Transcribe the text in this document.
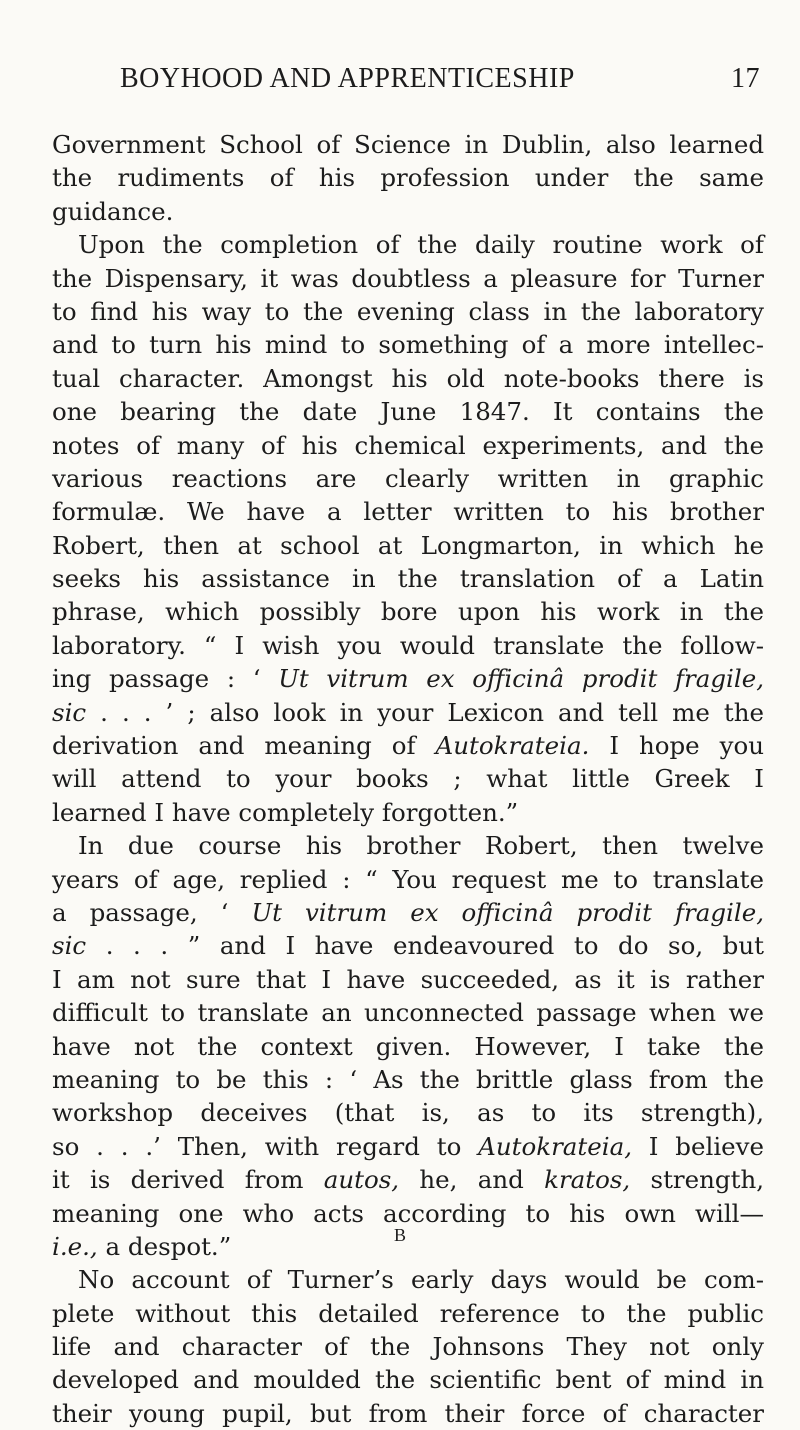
BOYHOOD AND APPRENTICESHIP	17
Government School of Science in Dublin, also learned
the rudiments of his profession under the same
guidance.
Upon the completion of the daily routine work of
the Dispensary, it was doubtless a pleasure for Turner
to find his way to the evening class in the laboratory
and to turn his mind to something of a more intellec-
tual character. Amongst his old note-books there is
one bearing the date June 1847. It contains the
notes of many of his chemical experiments, and the
various reactions are clearly written in graphic
formulæ. We have a letter written to his brother
Robert, then at school at Longmarton, in which he
seeks his assistance in the translation of a Latin
phrase, which possibly bore upon his work in the
laboratory. “ I wish you would translate the follow-
ing passage : ‘ Ut vitrum ex officinâ prodit fragile,
sic . . . ’ ; also look in your Lexicon and tell me the
derivation and meaning of Autokrateia. I hope you
will attend to your books ; what little Greek I
learned I have completely forgotten.”
In due course his brother Robert, then twelve
years of age, replied : “ You request me to translate
a passage, ‘ Ut vitrum ex officinâ prodit fragile,
sic . . . ” and I have endeavoured to do so, but
I am not sure that I have succeeded, as it is rather
difficult to translate an unconnected passage when we
have not the context given. However, I take the
meaning to be this : ‘ As the brittle glass from the
workshop deceives (that is, as to its strength),
so . . .’ Then, with regard to Autokrateia, I believe
it is derived from autos, he, and kratos, strength,
meaning one who acts according to his own will—
i.e., a despot.”
No account of Turner’s early days would be com-
plete without this detailed reference to the public
life and character of the Johnsons They not only
developed and moulded the scientific bent of mind in
their young pupil, but from their force of character
B
